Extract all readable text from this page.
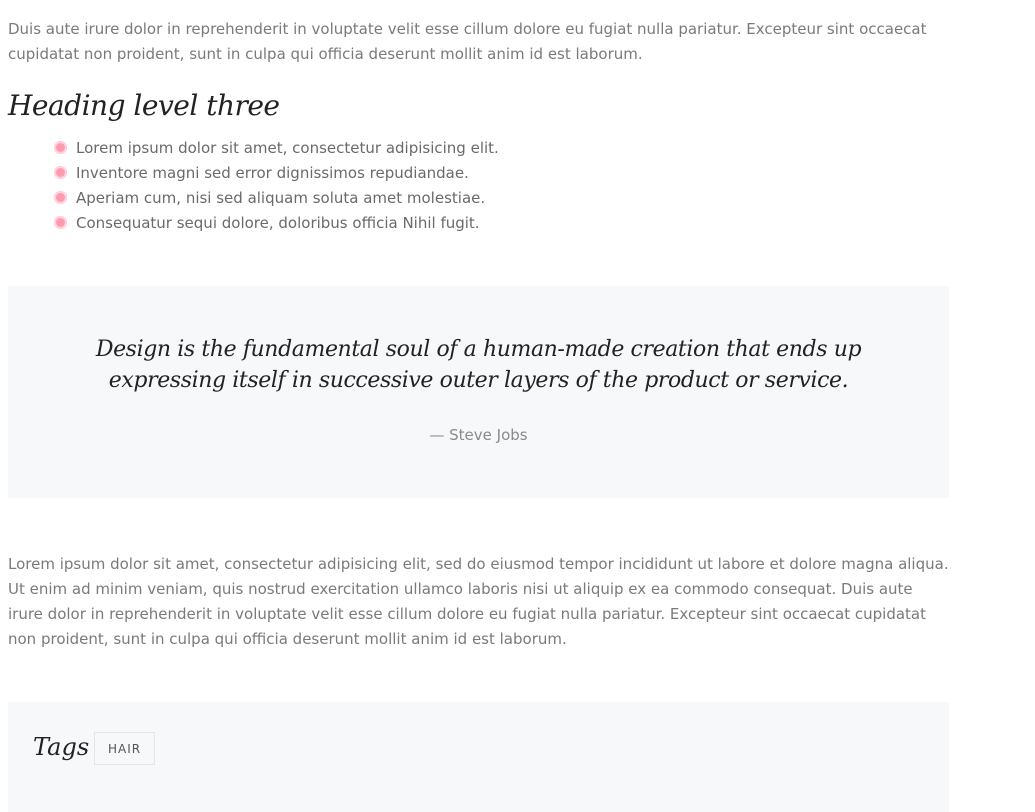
Duis aute irure dolor in reprehenderit in voluptate velit esse cillum dolore eu fugiat nulla pariatur. Excepteur sint occaecat cupidatat non proident, sunt in culpa qui officia deserunt mollit anim id est laborum.

Heading level three
Lorem ipsum dolor sit amet, consectetur adipisicing elit.
Inventore magni sed error dignissimos repudiandae.
Aperiam cum, nisi sed aliquam soluta amet molestiae.
Consequatur sequi dolore, doloribus officia Nihil fugit.

Design is the fundamental soul of a human-made creation that ends up expressing itself in successive outer layers of the product or service.

— Steve Jobs

Lorem ipsum dolor sit amet, consectetur adipisicing elit, sed do eiusmod tempor incididunt ut labore et dolore magna aliqua. Ut enim ad minim veniam, quis nostrud exercitation ullamco laboris nisi ut aliquip ex ea commodo consequat. Duis aute irure dolor in reprehenderit in voluptate velit esse cillum dolore eu fugiat nulla pariatur. Excepteur sint occaecat cupidatat non proident, sunt in culpa qui officia deserunt mollit anim id est laborum.

Tags	HAIR
